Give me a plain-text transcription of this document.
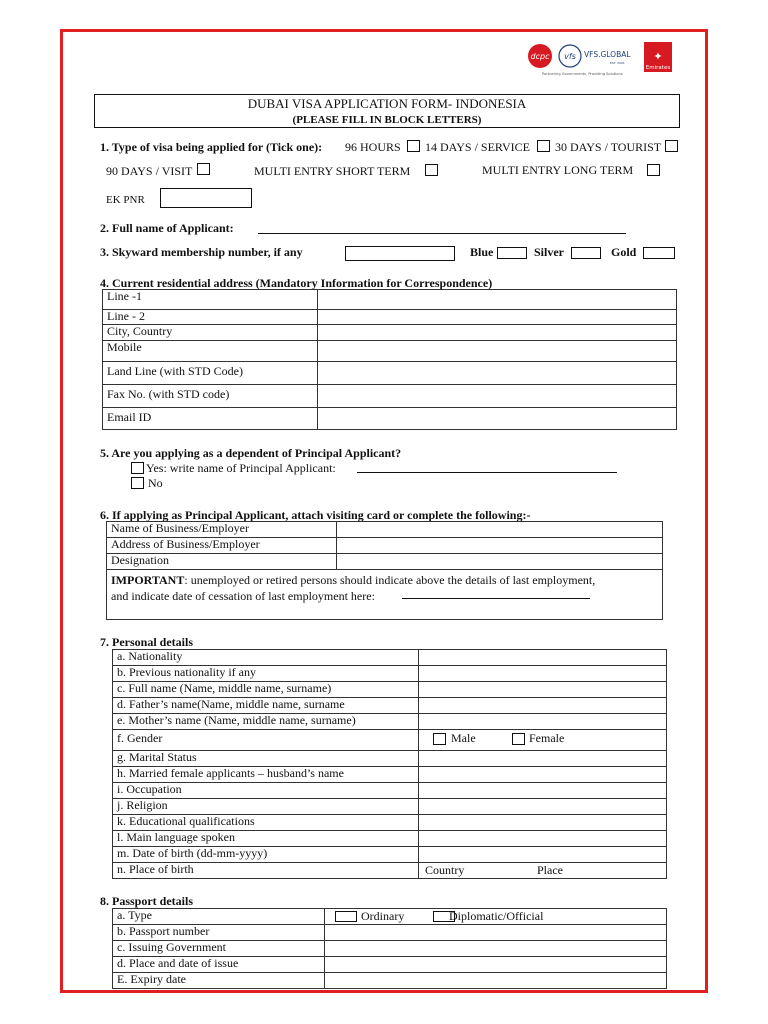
dcpc vfs VFS.GLOBAL
EST. 2001
Partnering Governments, Providing Solutions
✦
Emirates
DUBAI VISA APPLICATION FORM- INDONESIA
(PLEASE FILL IN BLOCK LETTERS)
1. Type of visa being applied for (Tick one): 96 HOURS 14 DAYS / SERVICE 30 DAYS / TOURIST
90 DAYS / VISIT	MULTI ENTRY SHORT TERM	MULTI ENTRY LONG TERM
EK PNR
2. Full name of Applicant:
3. Skyward membership number, if any	Blue	Silver	Gold
4. Current residential address (Mandatory Information for Correspondence)
Line -1	
Line - 2	
City, Country	
Mobile	
Land Line (with STD Code)	
Fax No. (with STD code)	
Email ID	
5. Are you applying as a dependent of Principal Applicant?
Yes: write name of Principal Applicant:
No
6. If applying as Principal Applicant, attach visiting card or complete the following:-
Name of Business/Employer	
Address of Business/Employer	
Designation	
IMPORTANT: unemployed or retired persons should indicate above the details of last employment,
and indicate date of cessation of last employment here:	
7. Personal details
a. Nationality	
b. Previous nationality if any	
c. Full name (Name, middle name, surname)	
d. Father’s name(Name, middle name, surname	
e. Mother’s name (Name, middle name, surname)	
f. Gender	Male Female

g. Marital Status	
h. Married female applicants – husband’s name	
i. Occupation	
j. Religion	
k. Educational qualifications	
l. Main language spoken	
m. Date of birth (dd-mm-yyyy)	
n. Place of birth	Country Place
8. Passport details
a. Type	Ordinary Diplomatic/Official

b. Passport number	
c. Issuing Government	
d. Place and date of issue	
E. Expiry date	
